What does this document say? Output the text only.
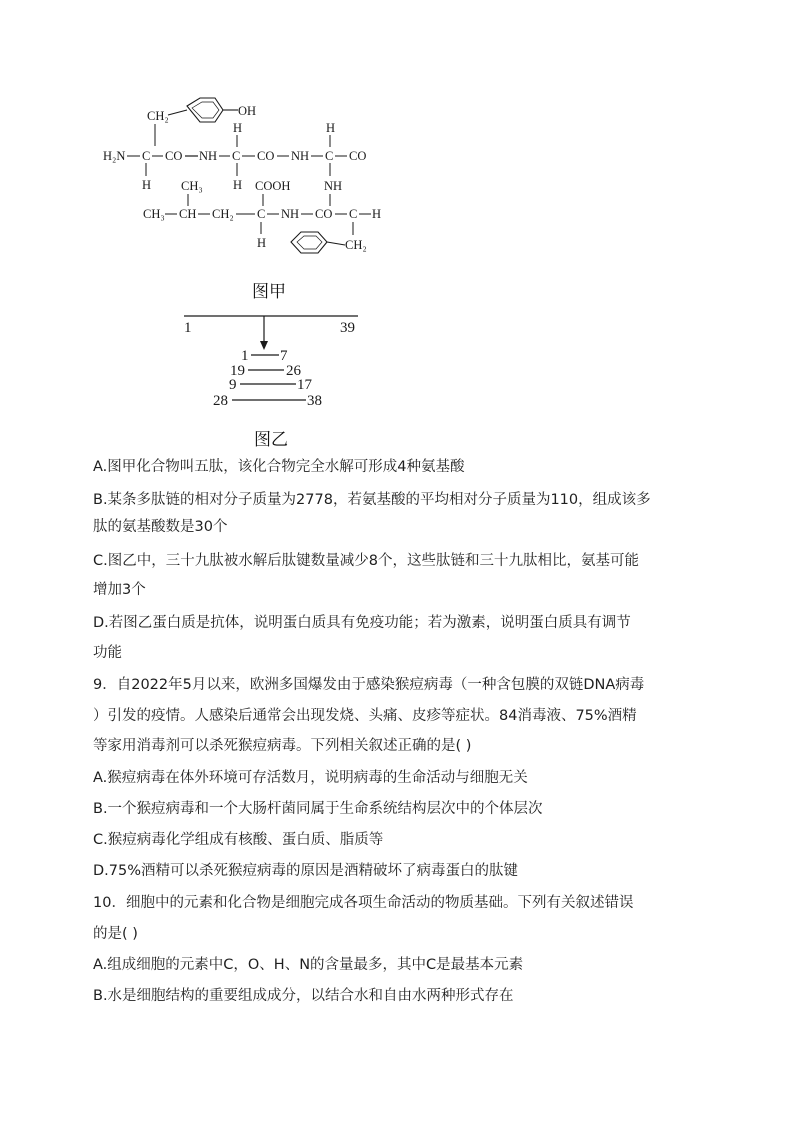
OH
CH₂
H₂N C CO NH C CO NH C CO
H
H
H
H
NH
CH₃	COOH
CH₃ CH CH₂ C NH CO C H
H	CH₂
图甲
1	39
1 7
19	26
9	17
28	38
图乙
A.图甲化合物叫五肽，该化合物完全水解可形成4种氨基酸
B.某条多肽链的相对分子质量为2778，若氨基酸的平均相对分子质量为110，组成该多
肽的氨基酸数是30个
C.图乙中，三十九肽被水解后肽键数量减少8个，这些肽链和三十九肽相比，氨基可能
增加3个
D.若图乙蛋白质是抗体，说明蛋白质具有免疫功能；若为激素，说明蛋白质具有调节
功能
9．自2022年5月以来，欧洲多国爆发由于感染猴痘病毒（一种含包膜的双链DNA病毒
）引发的疫情。人感染后通常会出现发烧、头痛、皮疹等症状。84消毒液、75%酒精
等家用消毒剂可以杀死猴痘病毒。下列相关叙述正确的是( )
A.猴痘病毒在体外环境可存活数月，说明病毒的生命活动与细胞无关
B.一个猴痘病毒和一个大肠杆菌同属于生命系统结构层次中的个体层次
C.猴痘病毒化学组成有核酸、蛋白质、脂质等
D.75%酒精可以杀死猴痘病毒的原因是酒精破坏了病毒蛋白的肽键
10．细胞中的元素和化合物是细胞完成各项生命活动的物质基础。下列有关叙述错误
的是( )
A.组成细胞的元素中C，O、H、N的含量最多，其中C是最基本元素
B.水是细胞结构的重要组成成分，以结合水和自由水两种形式存在
